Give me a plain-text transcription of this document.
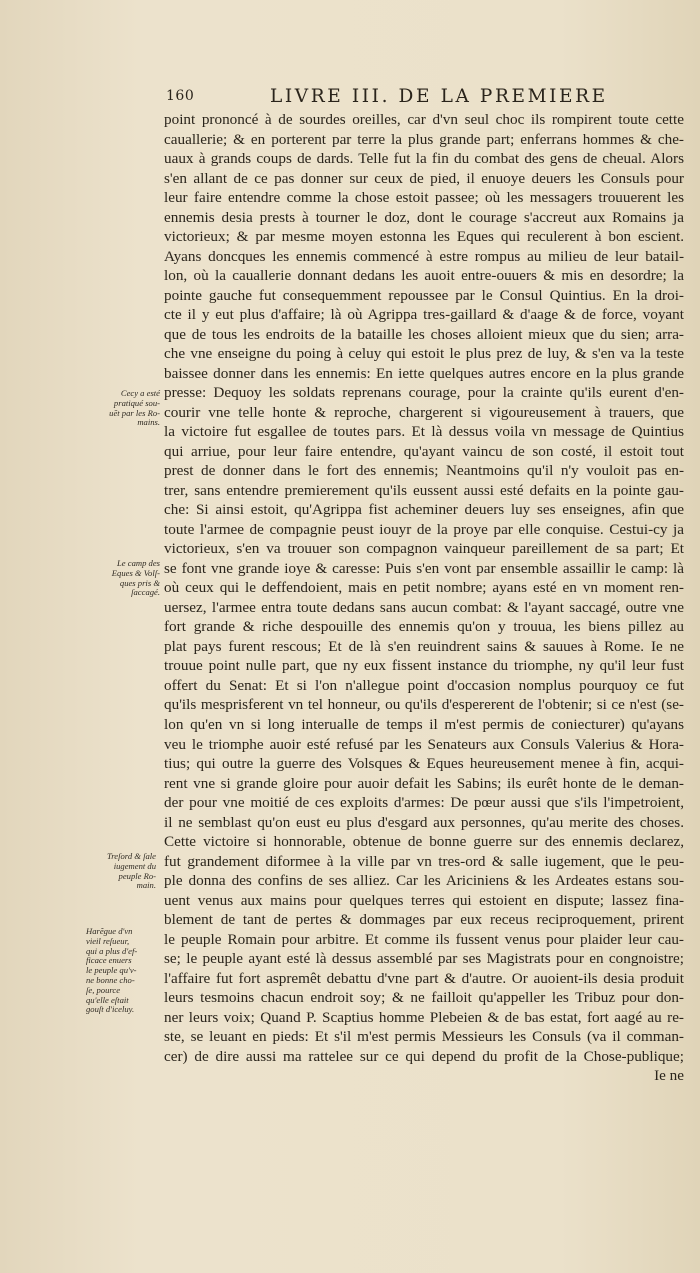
160	LIVRE III. DE LA PREMIERE
point prononcé à de sourdes oreilles, car d'vn seul choc ils rompirent toute cette
cauallerie; & en porterent par terre la plus grande part; enferrans hommes & che-
uaux à grands coups de dards. Telle fut la fin du combat des gens de cheual. Alors
s'en allant de ce pas donner sur ceux de pied, il enuoye deuers les Consuls pour
leur faire entendre comme la chose estoit passee; où les messagers trouuerent les
ennemis desia prests à tourner le doz, dont le courage s'accreut aux Romains ja
victorieux; & par mesme moyen estonna les Eques qui reculerent à bon escient.
Ayans doncques les ennemis commencé à estre rompus au milieu de leur batail-
lon, où la cauallerie donnant dedans les auoit entre-ouuers & mis en desordre; la
pointe gauche fut consequemment repoussee par le Consul Quintius. En la droi-
cte il y eut plus d'affaire; là où Agrippa tres-gaillard & d'aage & de force, voyant
que de tous les endroits de la bataille les choses alloient mieux que du sien; arra-
che vne enseigne du poing à celuy qui estoit le plus prez de luy, & s'en va la teste
baissee donner dans les ennemis: En iette quelques autres encore en la plus grande
presse: Dequoy les soldats reprenans courage, pour la crainte qu'ils eurent d'en-
courir vne telle honte & reproche, chargerent si vigoureusement à trauers, que
la victoire fut esgallee de toutes pars. Et là dessus voila vn message de Quintius
qui arriue, pour leur faire entendre, qu'ayant vaincu de son costé, il estoit tout
prest de donner dans le fort des ennemis; Neantmoins qu'il n'y vouloit pas en-
trer, sans entendre premierement qu'ils eussent aussi esté defaits en la pointe gau-
che: Si ainsi estoit, qu'Agrippa fist acheminer deuers luy ses enseignes, afin que
toute l'armee de compagnie peust iouyr de la proye par elle conquise. Cestui-cy ja
victorieux, s'en va trouuer son compagnon vainqueur pareillement de sa part; Et
se font vne grande ioye & caresse: Puis s'en vont par ensemble assaillir le camp: là
où ceux qui le deffendoient, mais en petit nombre; ayans esté en vn moment ren-
uersez, l'armee entra toute dedans sans aucun combat: & l'ayant saccagé, outre vne
fort grande & riche despouille des ennemis qu'on y trouua, les biens pillez au
plat pays furent rescous; Et de là s'en reuindrent sains & sauues à Rome. Ie ne
trouue point nulle part, que ny eux fissent instance du triomphe, ny qu'il leur fust
offert du Senat: Et si l'on n'allegue point d'occasion nomplus pourquoy ce fut
qu'ils mesprisferent vn tel honneur, ou qu'ils d'espererent de l'obtenir; si ce n'est (se-
lon qu'en vn si long interualle de temps il m'est permis de coniecturer) qu'ayans
veu le triomphe auoir esté refusé par les Senateurs aux Consuls Valerius & Hora-
tius; qui outre la guerre des Volsques & Eques heureusement menee à fin, acqui-
rent vne si grande gloire pour auoir defait les Sabins; ils eurêt honte de le deman-
der pour vne moitié de ces exploits d'armes: De pœur aussi que s'ils l'impetroient,
il ne semblast qu'on eust eu plus d'esgard aux personnes, qu'au merite des choses.
Cette victoire si honnorable, obtenue de bonne guerre sur des ennemis declarez,
fut grandement diformee à la ville par vn tres-ord & salle iugement, que le peu-
ple donna des confins de ses alliez. Car les Ariciniens & les Ardeates estans sou-
uent venus aux mains pour quelques terres qui estoient en dispute; lassez fina-
blement de tant de pertes & dommages par eux receus reciproquement, prirent
le peuple Romain pour arbitre. Et comme ils fussent venus pour plaider leur cau-
se; le peuple ayant esté là dessus assemblé par ses Magistrats pour en congnoistre;
l'affaire fut fort aspremêt debattu d'vne part & d'autre. Or auoient-ils desia produit
leurs tesmoins chacun endroit soy; & ne failloit qu'appeller les Tribuz pour don-
ner leurs voix; Quand P. Scaptius homme Plebeien & de bas estat, fort aagé au re-
ste, se leuant en pieds: Et s'il m'est permis Messieurs les Consuls (va il comman-
cer) de dire aussi ma rattelee sur ce qui depend du profit de la Chose-publique;
Ie ne
Cecy a esté
pratiqué sou-
uẽt par les Ro-
mains.
Le camp des
Eques & Volſ-
ques pris &
ſaccagé.
Treſord & ſale
iugement du
peuple Ro-
main.
Harẽgue d'vn
vieil reſueur,
qui a plus d'ef-
ficace enuers
le peuple qu'v-
ne bonne cho-
ſe, pource
qu'elle eſtait
gouſt d'iceluy.
